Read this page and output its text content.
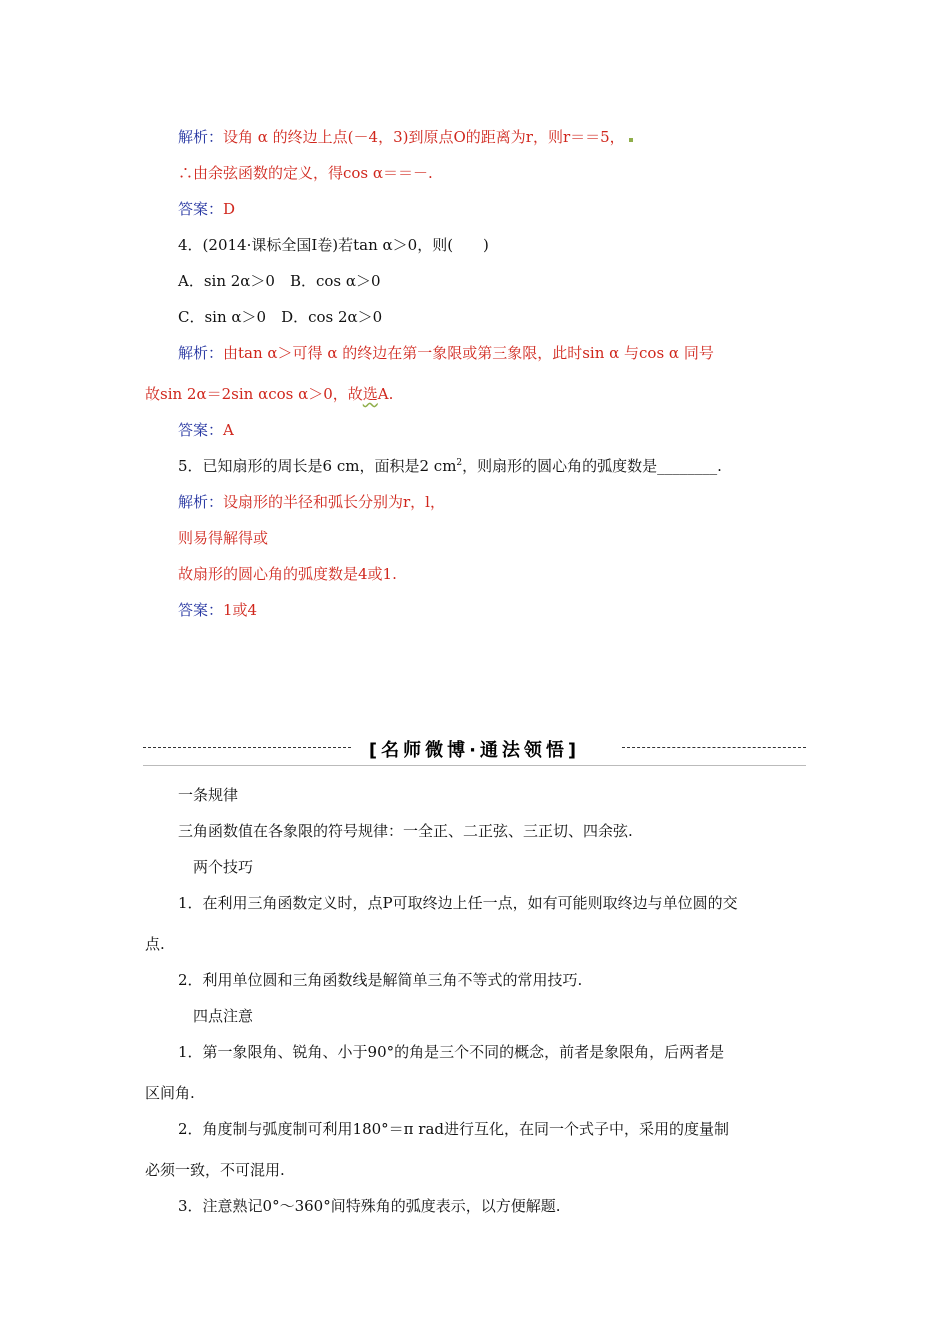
解析：设角 α 的终边上点(－4，3)到原点O的距离为r，则r＝＝5，
∴由余弦函数的定义，得cos α＝＝－.
答案：D
4．(2014·课标全国Ⅰ卷)若tan α＞0，则(　　)
A．sin 2α＞0　B．cos α＞0
C．sin α＞0　D．cos 2α＞0
解析：由tan α＞可得 α 的终边在第一象限或第三象限，此时sin α 与cos α 同号
故sin 2α＝2sin αcos α＞0，故选A.
答案：A
5．已知扇形的周长是6 cm，面积是2 $cm^2$，则扇形的圆心角的弧度数是________.
解析：设扇形的半径和弧长分别为r，l，
则易得解得或
故扇形的圆心角的弧度数是4或1.
答案：1或4
[名师微博·通法领悟]
一条规律
三角函数值在各象限的符号规律：一全正、二正弦、三正切、四余弦.
两个技巧
1．在利用三角函数定义时，点P可取终边上任一点，如有可能则取终边与单位圆的交
点.
2．利用单位圆和三角函数线是解简单三角不等式的常用技巧.
四点注意
1．第一象限角、锐角、小于90°的角是三个不同的概念，前者是象限角，后两者是
区间角.
2．角度制与弧度制可利用180°＝π rad进行互化，在同一个式子中，采用的度量制
必须一致，不可混用.
3．注意熟记0°～360°间特殊角的弧度表示，以方便解题.
